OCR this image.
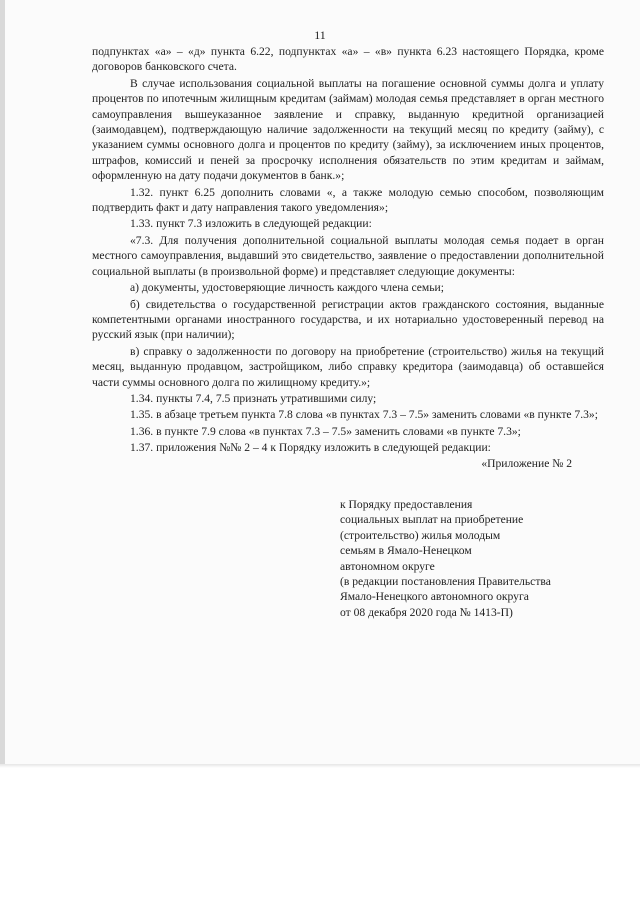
11

подпунктах «а» – «д» пункта 6.22, подпунктах «а» – «в» пункта 6.23 настоящего Порядка, кроме договоров банковского счета.

В случае использования социальной выплаты на погашение основной суммы долга и уплату процентов по ипотечным жилищным кредитам (займам) молодая семья представляет в орган местного самоуправления вышеуказанное заявление и справку, выданную кредитной организацией (заимодавцем), подтверждающую наличие задолженности на текущий месяц по кредиту (займу), с указанием суммы основного долга и процентов по кредиту (займу), за исключением иных процентов, штрафов, комиссий и пеней за просрочку исполнения обязательств по этим кредитам и займам, оформленную на дату подачи документов в банк.»;

1.32. пункт 6.25 дополнить словами «, а также молодую семью способом, позволяющим подтвердить факт и дату направления такого уведомления»;

1.33. пункт 7.3 изложить в следующей редакции:

«7.3. Для получения дополнительной социальной выплаты молодая семья подает в орган местного самоуправления, выдавший это свидетельство, заявление о предоставлении дополнительной социальной выплаты (в произвольной форме) и представляет следующие документы:

а) документы, удостоверяющие личность каждого члена семьи;

б) свидетельства о государственной регистрации актов гражданского состояния, выданные компетентными органами иностранного государства, и их нотариально удостоверенный перевод на русский язык (при наличии);

в) справку о задолженности по договору на приобретение (строительство) жилья на текущий месяц, выданную продавцом, застройщиком, либо справку кредитора (заимодавца) об оставшейся части суммы основного долга по жилищному кредиту.»;

1.34. пункты 7.4, 7.5 признать утратившими силу;

1.35. в абзаце третьем пункта 7.8 слова «в пунктах 7.3 – 7.5» заменить словами «в пункте 7.3»;

1.36. в пункте 7.9 слова «в пунктах 7.3 – 7.5» заменить словами «в пункте 7.3»;

1.37. приложения №№ 2 – 4 к Порядку изложить в следующей редакции:

«Приложение № 2

к Порядку предоставления
социальных выплат на приобретение
(строительство) жилья молодым
семьям в Ямало-Ненецком
автономном округе
(в редакции постановления Правительства
Ямало-Ненецкого автономного округа
от 08 декабря 2020 года № 1413-П)
